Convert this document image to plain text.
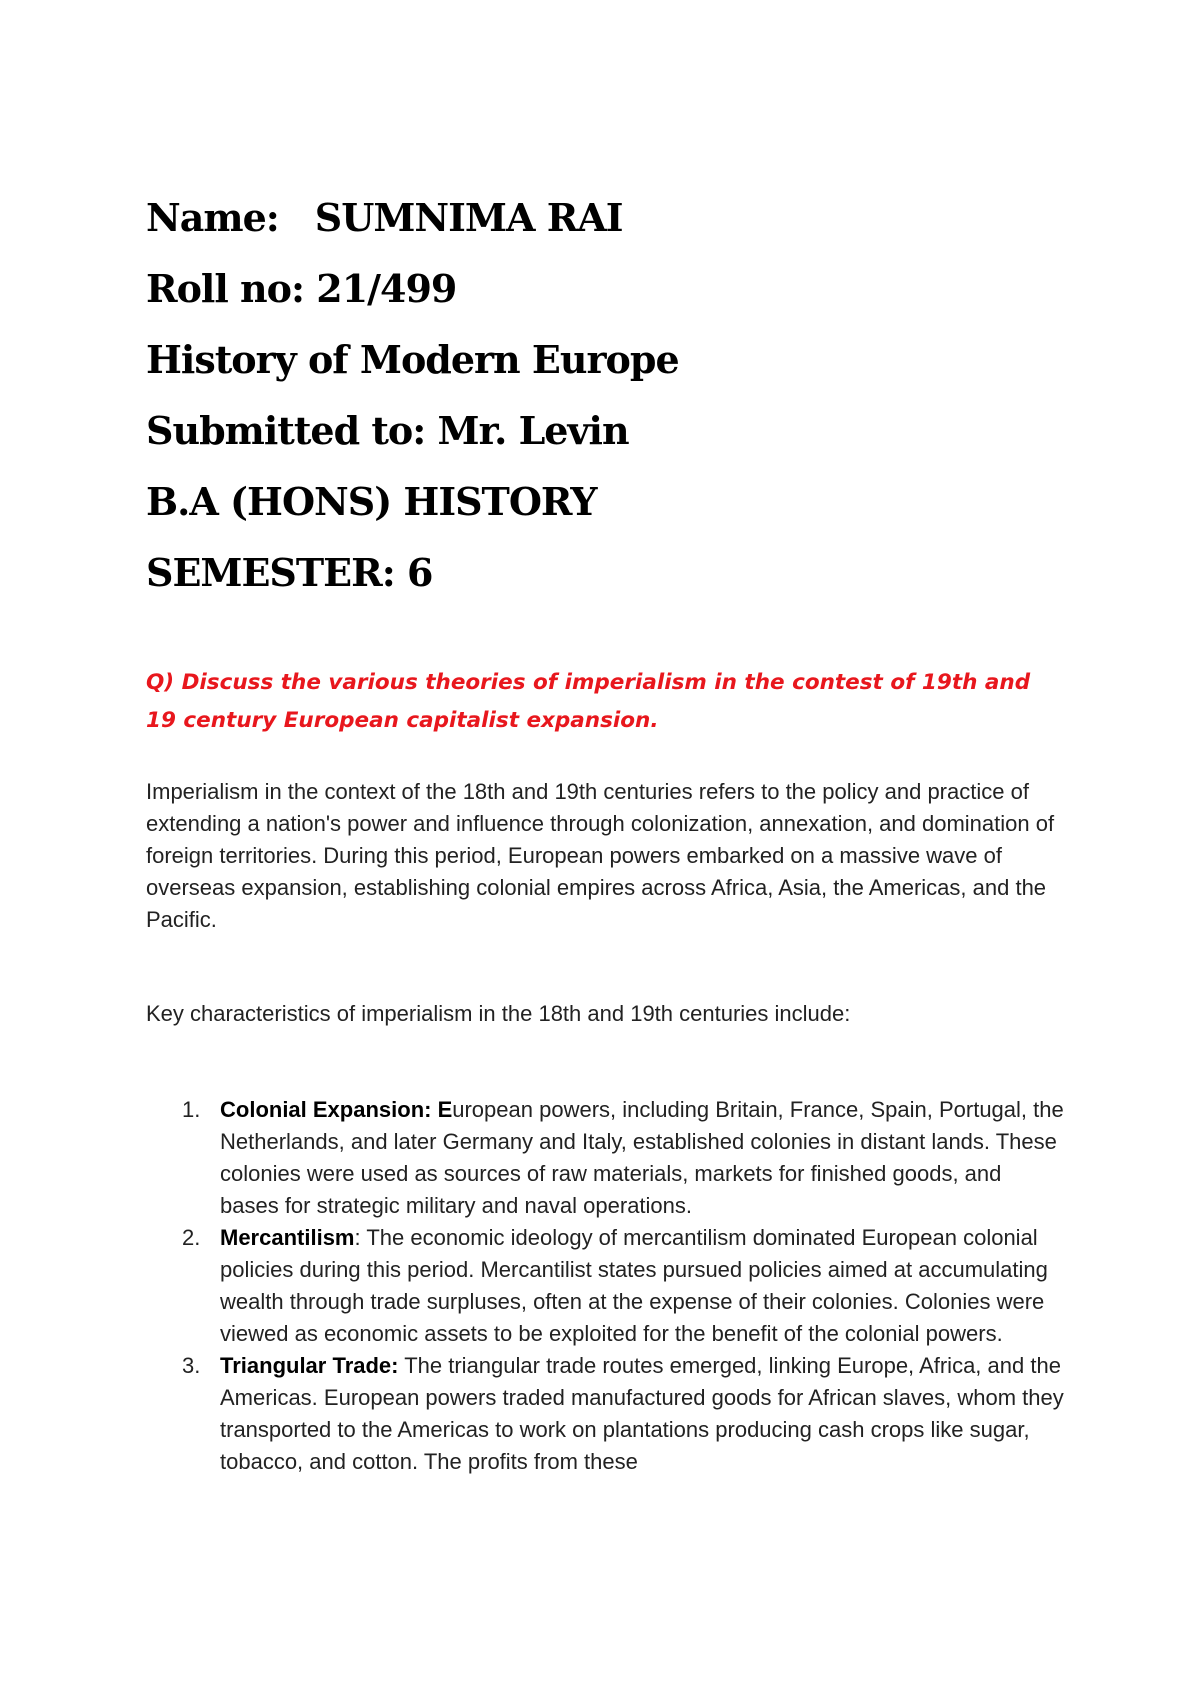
Name: SUMNIMA RAI
Roll no: 21/499
History of Modern Europe
Submitted to: Mr. Levin
B.A (HONS) HISTORY
SEMESTER: 6
Q) Discuss the various theories of imperialism in the contest of 19th and
19 century European capitalist expansion.

Imperialism in the context of the 18th and 19th centuries refers to the policy and practice of extending a nation's power and influence through colonization, annexation, and domination of foreign territories. During this period, European powers embarked on a massive wave of overseas expansion, establishing colonial empires across Africa, Asia, the Americas, and the Pacific.

Key characteristics of imperialism in the 18th and 19th centuries include:

1. Colonial Expansion: European powers, including Britain, France, Spain, Portugal, the Netherlands, and later Germany and Italy, established colonies in distant lands. These colonies were used as sources of raw materials, markets for finished goods, and bases for strategic military and naval operations.
2. Mercantilism: The economic ideology of mercantilism dominated European colonial policies during this period. Mercantilist states pursued policies aimed at accumulating wealth through trade surpluses, often at the expense of their colonies. Colonies were viewed as economic assets to be exploited for the benefit of the colonial powers.
3. Triangular Trade: The triangular trade routes emerged, linking Europe, Africa, and the Americas. European powers traded manufactured goods for African slaves, whom they transported to the Americas to work on plantations producing cash crops like sugar, tobacco, and cotton. The profits from these
